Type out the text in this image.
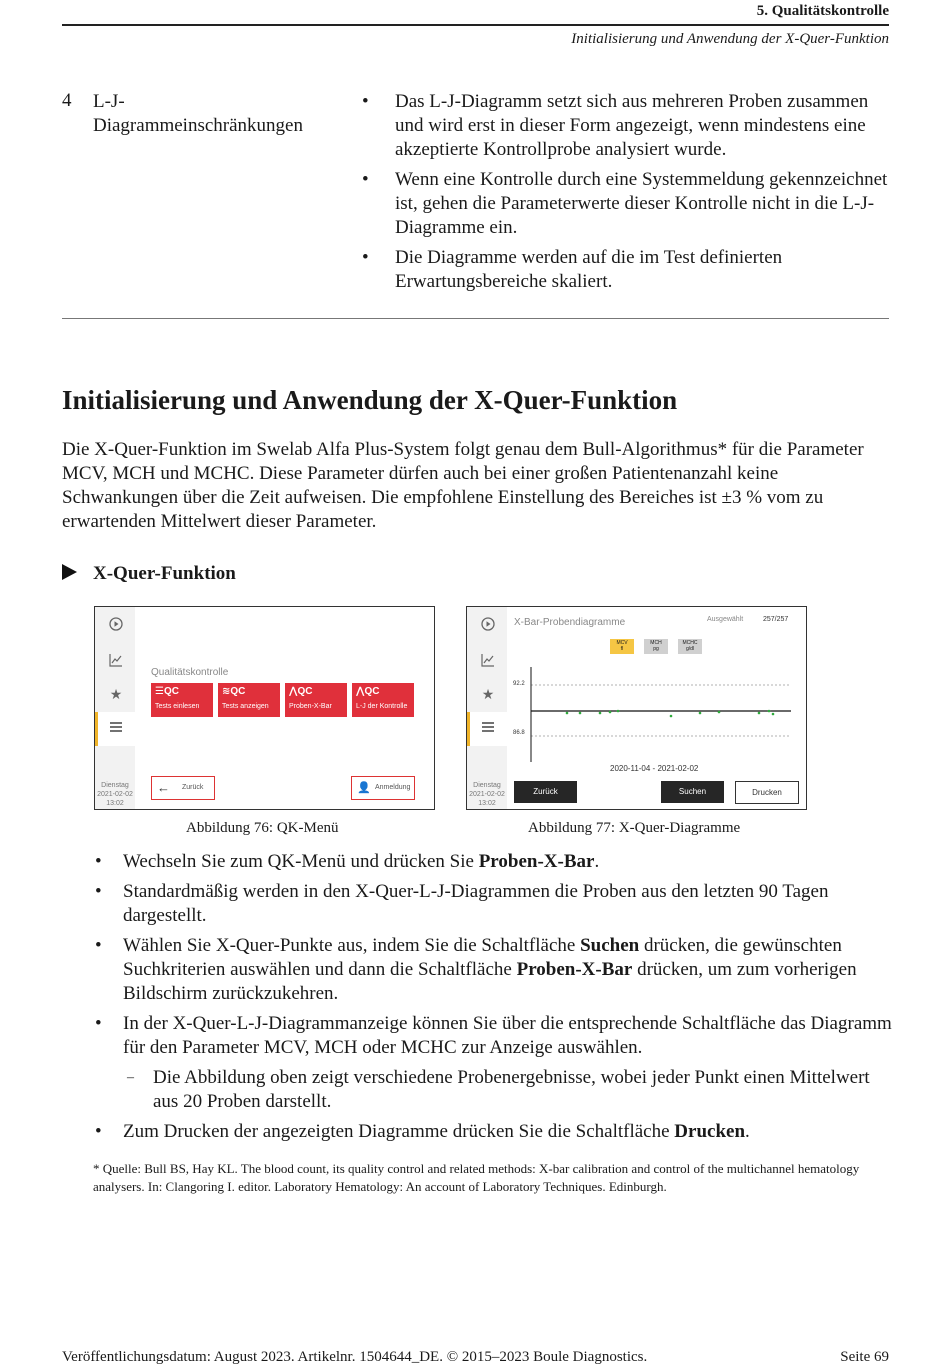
5. Qualitätskontrolle
Initialisierung und Anwendung der X-Quer-Funktion
4 L-J-
Diagrammeinschränkungen
• Das L-J-Diagramm setzt sich aus mehreren Proben zusammen und wird erst in dieser Form angezeigt, wenn mindestens eine akzeptierte Kontrollprobe analysiert wurde.
• Wenn eine Kontrolle durch eine Systemmeldung gekennzeichnet ist, gehen die Parameterwerte dieser Kontrolle nicht in die L-J-Diagramme ein.
• Die Diagramme werden auf die im Test definierten Erwartungsbereiche skaliert.
Initialisierung und Anwendung der X-Quer-Funktion
Die X-Quer-Funktion im Swelab Alfa Plus-System folgt genau dem Bull-Algorithmus* für die Parameter MCV, MCH und MCHC. Diese Parameter dürfen auch bei einer großen Patientenanzahl keine Schwankungen über die Zeit aufweisen. Die empfohlene Einstellung des Bereiches ist ±3 % vom zu erwartenden Mittelwert dieser Parameter.
X-Quer-Funktion
★
Dienstag
2021-02-02
13:02
Qualitätskontrolle
☰QC
Tests einlesen
≋QC
Tests anzeigen
⋀QC
Proben-X-Bar
⋀QC
L-J der Kontrolle
← Zurück	👤 Anmeldung
Abbildung 76: QK-Menü
★
Dienstag
2021-02-02
13:02
X-Bar-Probendiagramme	Ausgewählt	257/257
MCV
fl
MCH
pg
MCHC
g/dl
92.2
86.8
2020-11-04 - 2021-02-02
Zurück	Suchen	Drucken
Abbildung 77: X-Quer-Diagramme
• Wechseln Sie zum QK-Menü und drücken Sie Proben-X-Bar.
• Standardmäßig werden in den X-Quer-L-J-Diagrammen die Proben aus den letzten 90 Tagen dargestellt.
• Wählen Sie X-Quer-Punkte aus, indem Sie die Schaltfläche Suchen drücken, die gewünschten Suchkriterien auswählen und dann die Schaltfläche Proben-X-Bar drücken, um zum vorherigen Bildschirm zurückzukehren.
• In der X-Quer-L-J-Diagrammanzeige können Sie über die entsprechende Schaltfläche das Diagramm für den Parameter MCV, MCH oder MCHC zur Anzeige auswählen.
– Die Abbildung oben zeigt verschiedene Probenergebnisse, wobei jeder Punkt einen Mittelwert aus 20 Proben darstellt.
• Zum Drucken der angezeigten Diagramme drücken Sie die Schaltfläche Drucken.
* Quelle: Bull BS, Hay KL. The blood count, its quality control and related methods: X-bar calibration and control of the multichannel hematology analysers. In: Clangoring I. editor. Laboratory Hematology: An account of Laboratory Techniques. Edinburgh.
Veröffentlichungsdatum: August 2023. Artikelnr. 1504644_DE. © 2015–2023 Boule Diagnostics.	Seite 69
